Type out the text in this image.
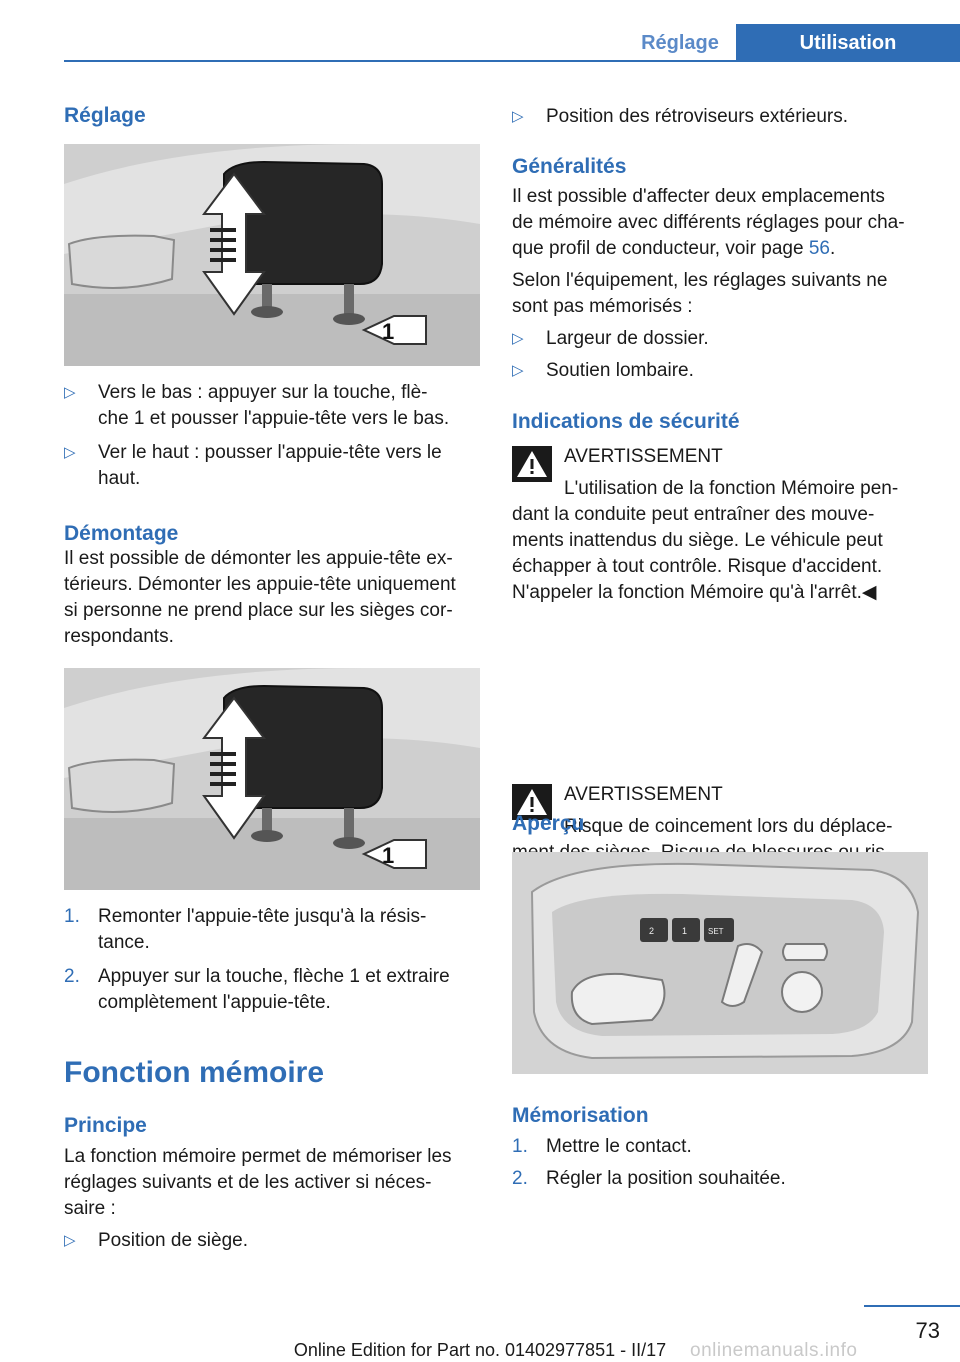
Réglage	Utilisation
Réglage
1
▷ Vers le bas : appuyer sur la touche, flè-
che 1 et pousser l'appuie-tête vers le bas.
▷ Ver le haut : pousser l'appuie-tête vers le
haut.
Démontage

Il est possible de démonter les appuie-tête ex-
térieurs. Démonter les appuie-tête uniquement
si personne ne prend place sur les sièges cor-
respondants.

1
1. Remonter l'appuie-tête jusqu'à la résis-
tance.
2. Appuyer sur la touche, flèche 1 et extraire
complètement l'appuie-tête.
Fonction mémoire
Principe

La fonction mémoire permet de mémoriser les
réglages suivants et de les activer si néces-
saire :

▷ Position de siège.
▷ Position des rétroviseurs extérieurs.
Généralités

Il est possible d'affecter deux emplacements
de mémoire avec différents réglages pour cha-
que profil de conducteur, voir page 56.

Selon l'équipement, les réglages suivants ne
sont pas mémorisés :

▷ Largeur de dossier.
▷ Soutien lombaire.
Indications de sécurité
AVERTISSEMENT
L'utilisation de la fonction Mémoire pen-
dant la conduite peut entraîner des mouve-
ments inattendus du siège. Le véhicule peut
échapper à tout contrôle. Risque d'accident.
N'appeler la fonction Mémoire qu'à l'arrêt.◀
AVERTISSEMENT
Risque de coincement lors du déplace-
Aperçu
2	1	SET
Mémorisation
1. Mettre le contact.
2. Régler la position souhaitée.
73
Online Edition for Part no. 01402977851 - II/17	onlinemanuals.info
